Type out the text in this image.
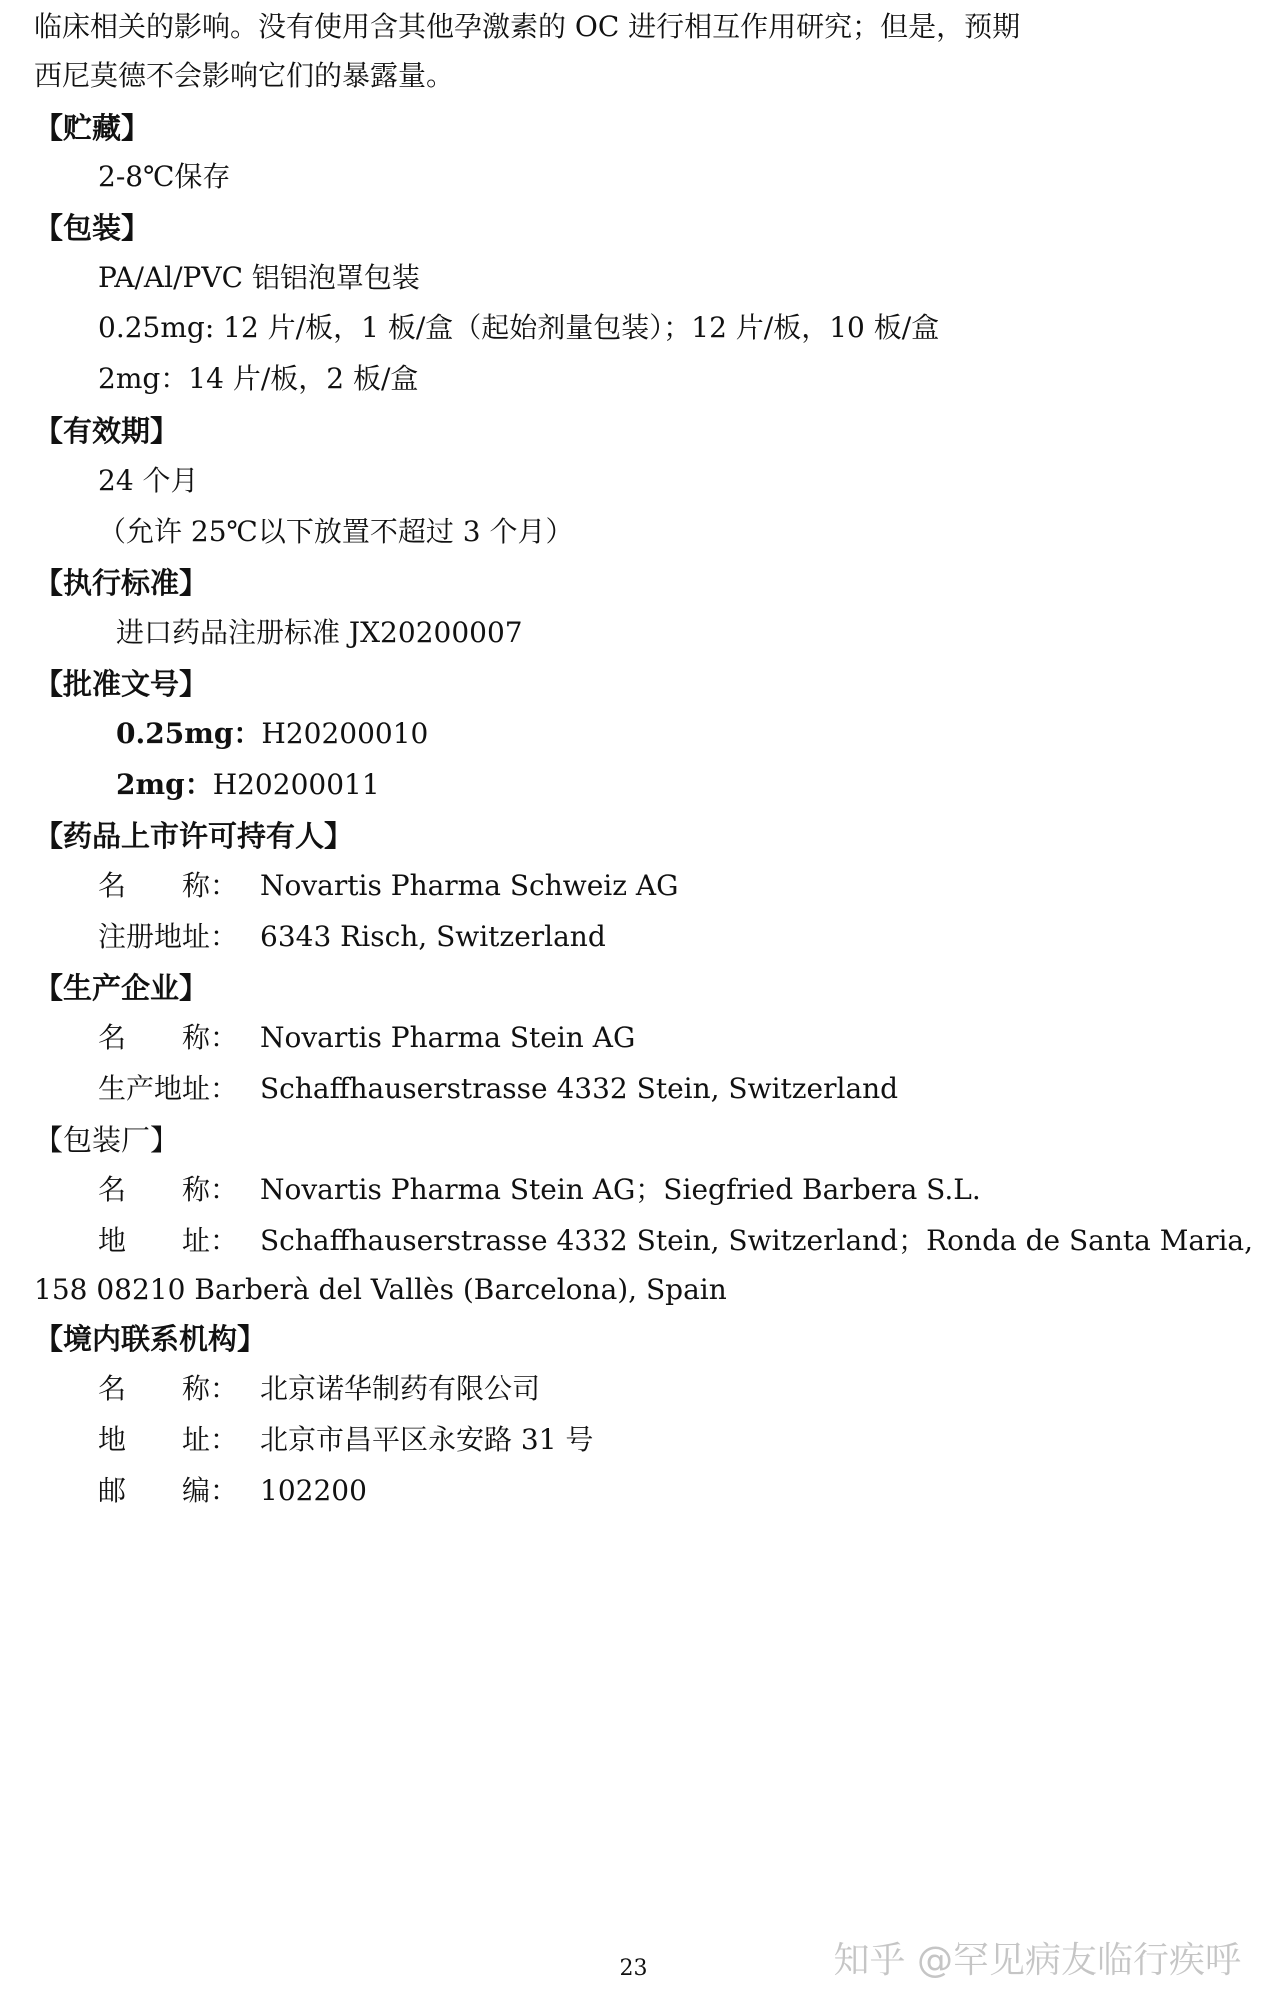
临床相关的影响。没有使用含其他孕激素的 OC 进行相互作用研究；但是，预期
西尼莫德不会影响它们的暴露量。
【贮藏】
2-8℃保存
【包装】
PA/Al/PVC 铝铝泡罩包装
0.25mg: 12 片/板，1 板/盒（起始剂量包装）；12 片/板，10 板/盒
2mg：14 片/板，2 板/盒
【有效期】
24 个月
（允许 25℃以下放置不超过 3 个月）
【执行标准】
进口药品注册标准 JX20200007
【批准文号】
0.25mg：H20200010
2mg：H20200011
【药品上市许可持有人】
名　　称： Novartis Pharma Schweiz AG
注册地址： 6343 Risch, Switzerland
【生产企业】
名　　称： Novartis Pharma Stein AG
生产地址： Schaffhauserstrasse 4332 Stein, Switzerland
【包装厂】
名　　称： Novartis Pharma Stein AG；Siegfried Barbera S.L.
地　　址： Schaffhauserstrasse 4332 Stein, Switzerland；Ronda de Santa Maria,
158 08210 Barberà del Vallès (Barcelona), Spain
【境内联系机构】
名　　称： 北京诺华制药有限公司
地　　址： 北京市昌平区永安路 31 号
邮　　编： 102200
23	知乎 @罕见病友临行疾呼
